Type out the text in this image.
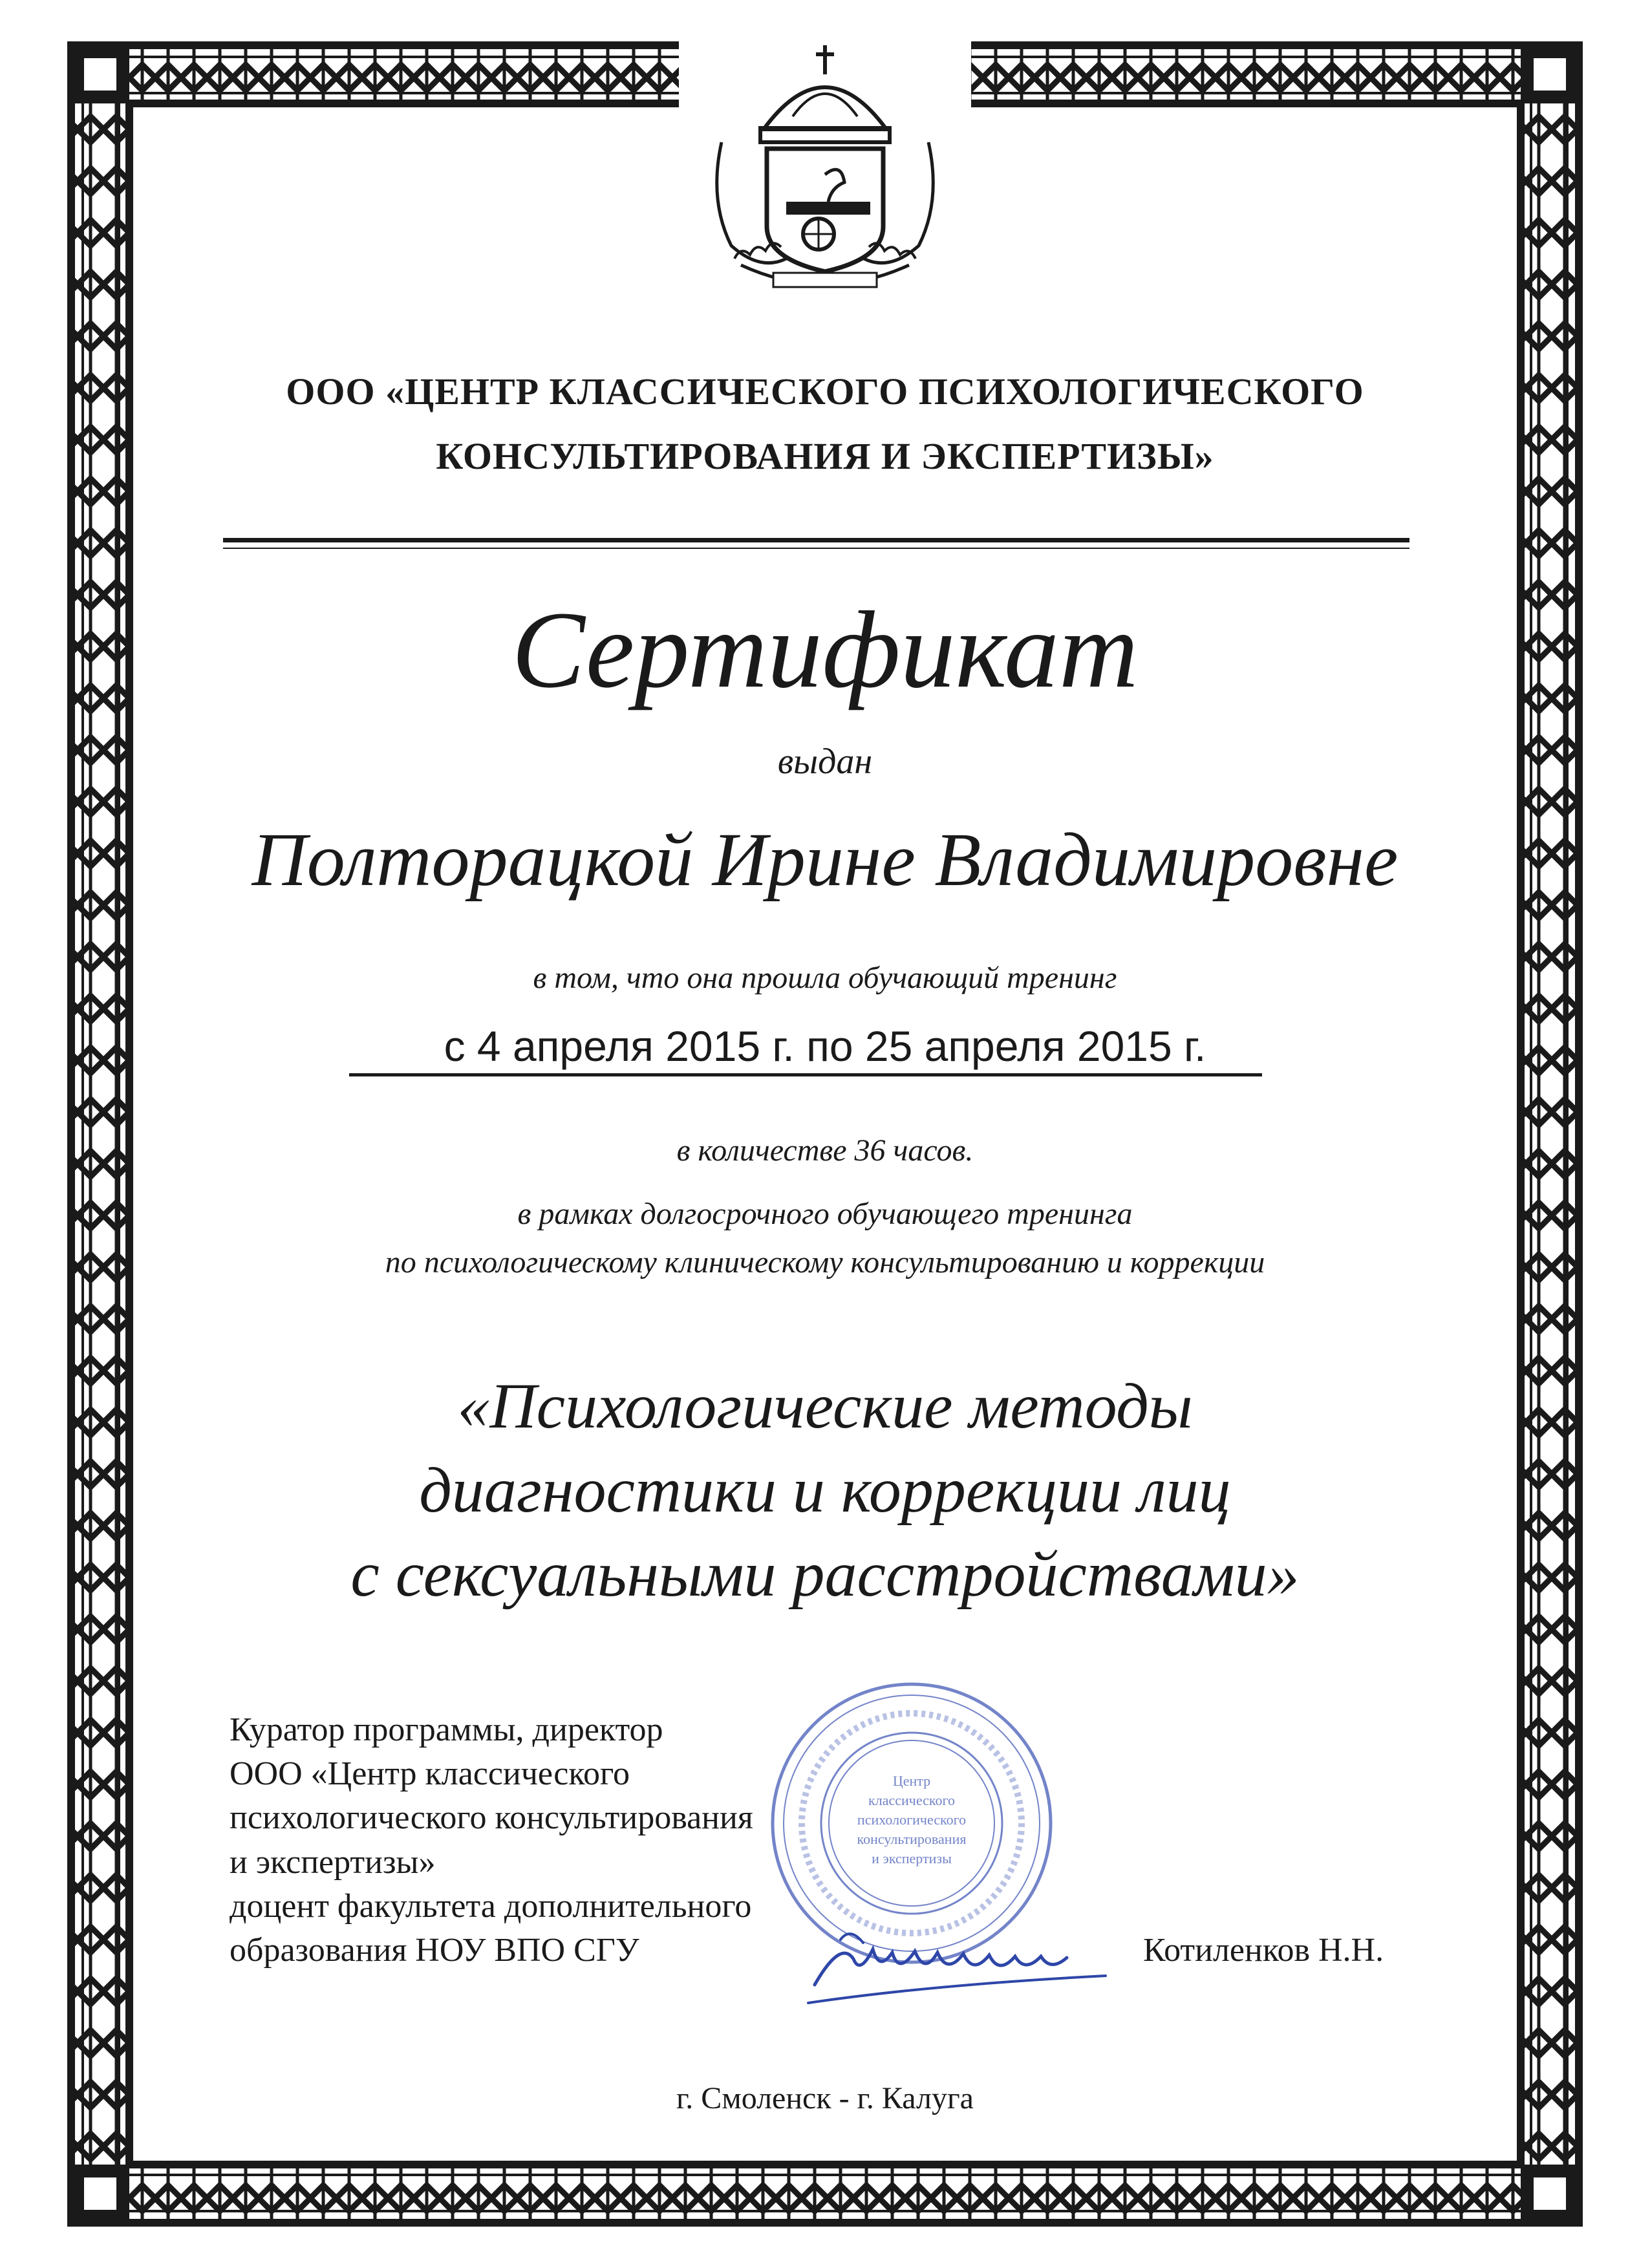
ООО «ЦЕНТР КЛАССИЧЕСКОГО ПСИХОЛОГИЧЕСКОГО
КОНСУЛЬТИРОВАНИЯ И ЭКСПЕРТИЗЫ»
Сертификат
выдан
Полторацкой Ирине Владимировне
в том, что она прошла обучающий тренинг
с 4 апреля 2015 г. по 25 апреля 2015 г.
в количестве 36 часов.
в рамках долгосрочного обучающего тренинга
по психологическому клиническому консультированию и коррекции
«Психологические методы
диагностики и коррекции лиц
с сексуальными расстройствами»
Центр
классического
психологического
консультирования
и экспертизы
Куратор программы, директор
ООО «Центр классического
психологического консультирования
и экспертизы»
доцент факультета дополнительного
образования НОУ ВПО СГУ	Котиленков Н.Н.
г. Смоленск - г. Калуга
